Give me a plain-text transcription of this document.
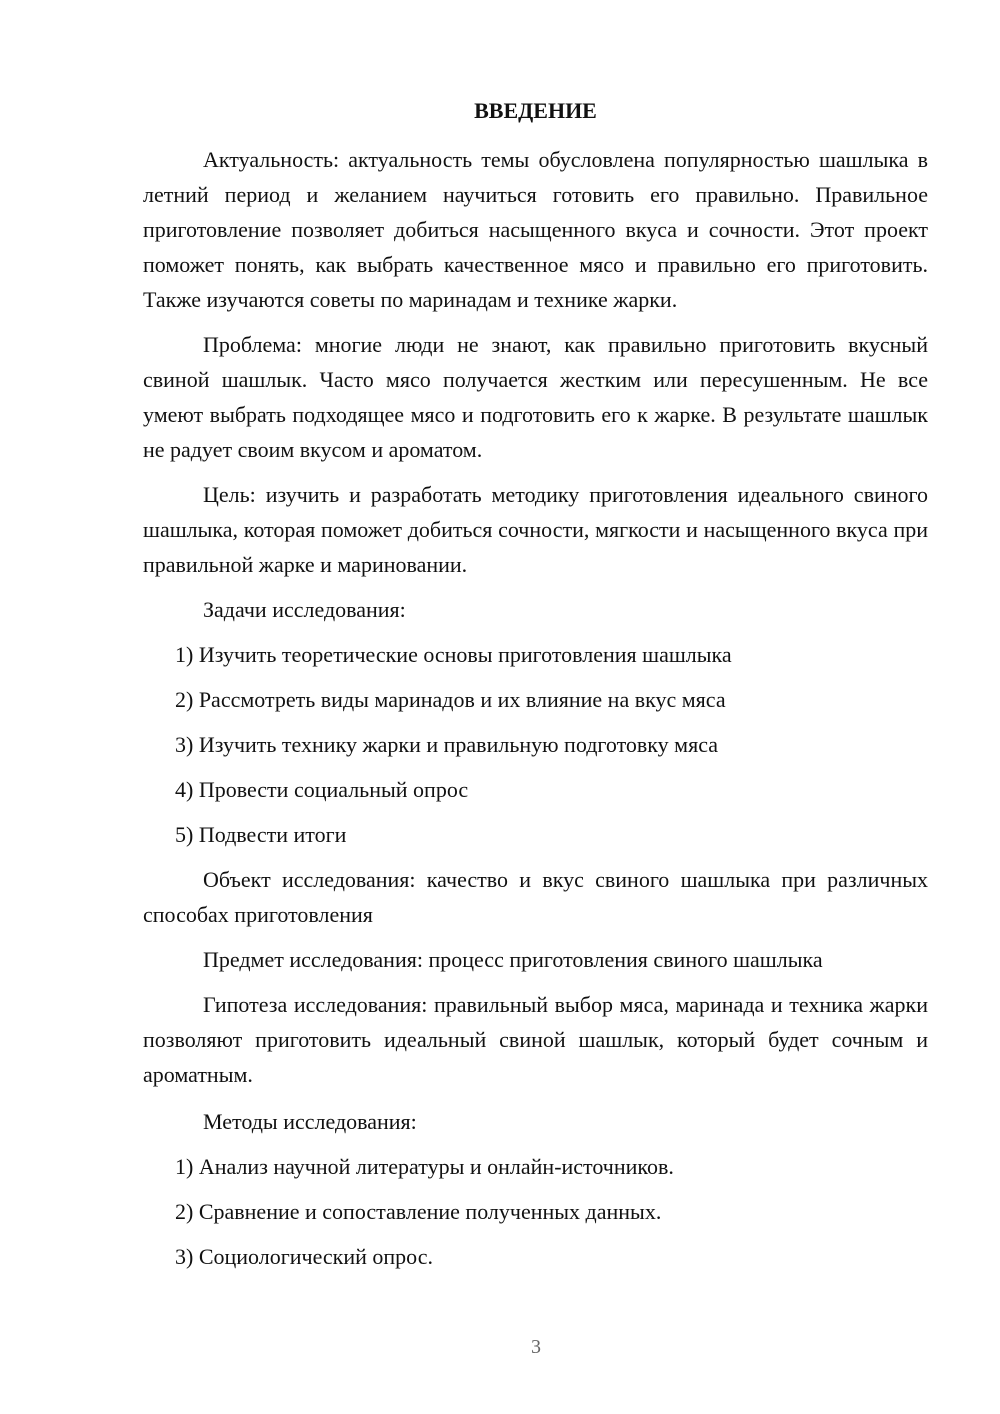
ВВЕДЕНИЕ

Актуальность: актуальность темы обусловлена популярностью шашлыка в летний период и желанием научиться готовить его правильно. Правильное приготовление позволяет добиться насыщенного вкуса и сочности. Этот проект поможет понять, как выбрать качественное мясо и правильно его приготовить. Также изучаются советы по маринадам и технике жарки.

Проблема: многие люди не знают, как правильно приготовить вкусный свиной шашлык. Часто мясо получается жестким или пересушенным. Не все умеют выбрать подходящее мясо и подготовить его к жарке. В результате шашлык не радует своим вкусом и ароматом.

Цель: изучить и разработать методику приготовления идеального свиного шашлыка, которая поможет добиться сочности, мягкости и насыщенного вкуса при правильной жарке и мариновании.

Задачи исследования:

1) Изучить теоретические основы приготовления шашлыка

2) Рассмотреть виды маринадов и их влияние на вкус мяса

3) Изучить технику жарки и правильную подготовку мяса

4) Провести социальный опрос

5) Подвести итоги

Объект исследования: качество и вкус свиного шашлыка при различных способах приготовления

Предмет исследования: процесс приготовления свиного шашлыка

Гипотеза исследования: правильный выбор мяса, маринада и техника жарки позволяют приготовить идеальный свиной шашлык, который будет сочным и ароматным.

Методы исследования:

1) Анализ научной литературы и онлайн-источников.

2) Сравнение и сопоставление полученных данных.

3) Социологический опрос.

3
